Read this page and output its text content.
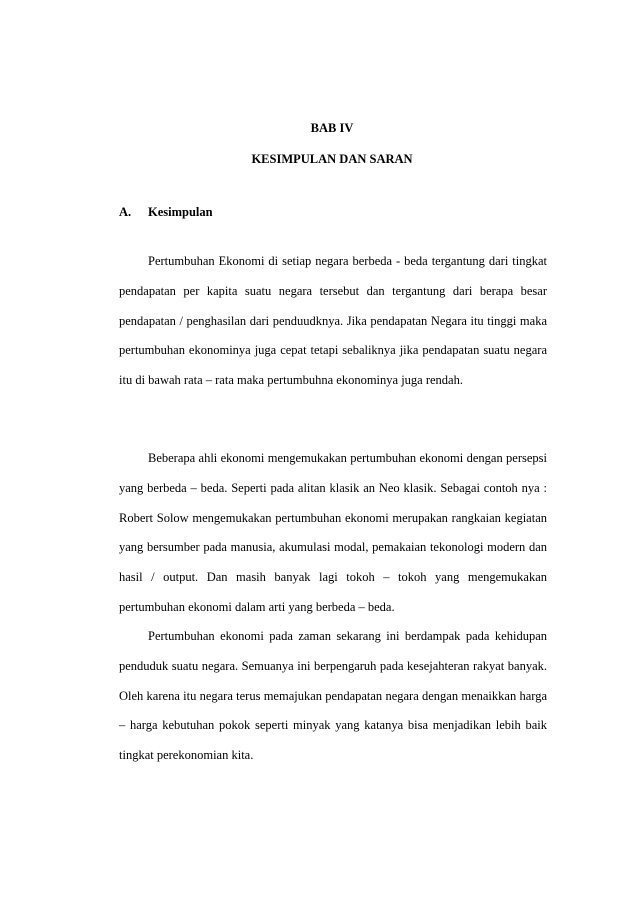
BAB IV
KESIMPULAN DAN SARAN
A. Kesimpulan

Pertumbuhan Ekonomi di setiap negara berbeda - beda tergantung dari tingkat pendapatan per kapita suatu negara tersebut dan tergantung dari berapa besar pendapatan / penghasilan dari penduudknya. Jika pendapatan Negara itu tinggi maka pertumbuhan ekonominya juga cepat tetapi sebaliknya jika pendapatan suatu negara itu di bawah rata – rata maka pertumbuhna ekonominya juga rendah.

Beberapa ahli ekonomi mengemukakan pertumbuhan ekonomi dengan persepsi yang berbeda – beda. Seperti pada alitan klasik an Neo klasik. Sebagai contoh nya : Robert Solow mengemukakan pertumbuhan ekonomi merupakan rangkaian kegiatan yang bersumber pada manusia, akumulasi modal, pemakaian tekonologi modern dan hasil / output. Dan masih banyak lagi tokoh – tokoh yang mengemukakan pertumbuhan ekonomi dalam arti yang berbeda – beda.

Pertumbuhan ekonomi pada zaman sekarang ini berdampak pada kehidupan penduduk suatu negara. Semuanya ini berpengaruh pada kesejahteran rakyat banyak. Oleh karena itu negara terus memajukan pendapatan negara dengan menaikkan harga – harga kebutuhan pokok seperti minyak yang katanya bisa menjadikan lebih baik tingkat perekonomian kita.
